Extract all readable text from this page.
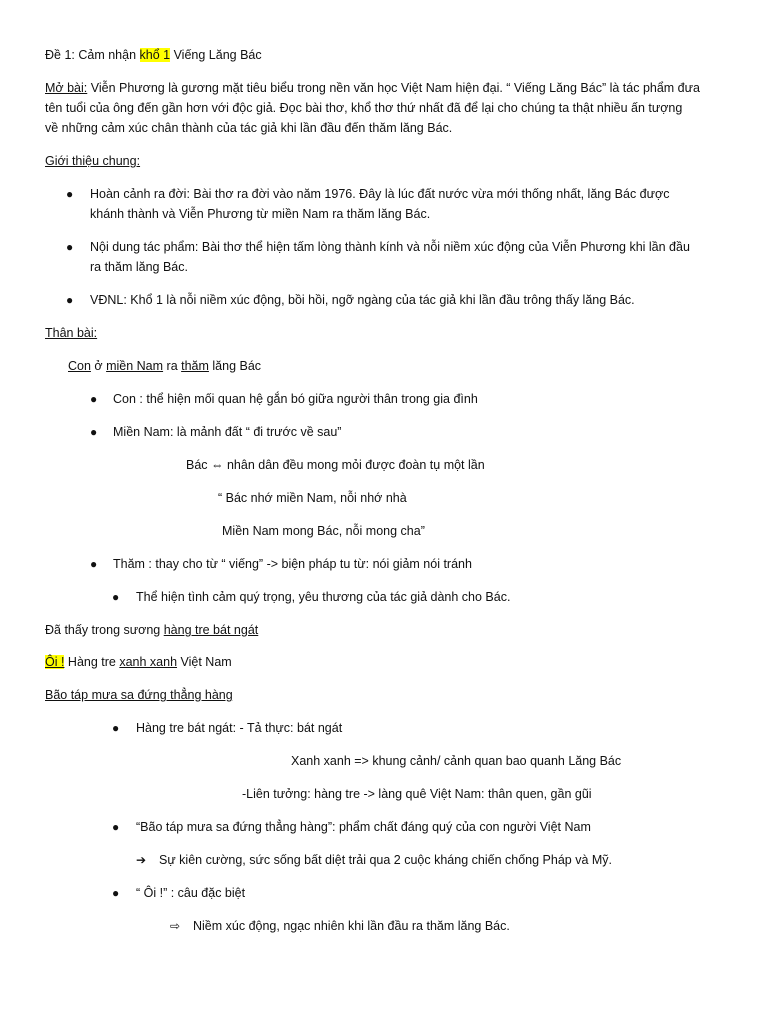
Đề 1: Cảm nhận khổ 1 Viếng Lăng Bác
Mở bài: Viễn Phương là gương mặt tiêu biểu trong nền văn học Việt Nam hiện đại. “ Viếng Lăng Bác” là tác phẩm đưa
tên tuổi của ông đến gần hơn với độc giả. Đọc bài thơ, khổ thơ thứ nhất đã để lại cho chúng ta thật nhiều ấn tượng
về những cảm xúc chân thành của tác giả khi lần đầu đến thăm lăng Bác.
Giới thiệu chung:
● Hoàn cảnh ra đời: Bài thơ ra đời vào năm 1976. Đây là lúc đất nước vừa mới thống nhất, lăng Bác được
khánh thành và Viễn Phương từ miền Nam ra thăm lăng Bác.
● Nội dung tác phẩm: Bài thơ thể hiện tấm lòng thành kính và nỗi niềm xúc động của Viễn Phương khi lần đầu
ra thăm lăng Bác.
● VĐNL: Khổ 1 là nỗi niềm xúc động, bồi hồi, ngỡ ngàng của tác giả khi lần đầu trông thấy lăng Bác.
Thân bài:
Con ở miền Nam ra thăm lăng Bác
● Con : thể hiện mối quan hệ gắn bó giữa người thân trong gia đình
● Miền Nam: là mảnh đất “ đi trước về sau”
Bác ⇔ nhân dân đều mong mỏi được đoàn tụ một lần
“ Bác nhớ miền Nam, nỗi nhớ nhà
Miền Nam mong Bác, nỗi mong cha”
● Thăm : thay cho từ “ viếng” -> biện pháp tu từ: nói giảm nói tránh
● Thể hiện tình cảm quý trọng, yêu thương của tác giả dành cho Bác.
Đã thấy trong sương hàng tre bát ngát
Ôi ! Hàng tre xanh xanh Việt Nam
Bão táp mưa sa đứng thẳng hàng
● Hàng tre bát ngát: - Tả thực: bát ngát
Xanh xanh => khung cảnh/ cảnh quan bao quanh Lăng Bác
-Liên tưởng: hàng tre -> làng quê Việt Nam: thân quen, gần gũi
● “Bão táp mưa sa đứng thẳng hàng”: phẩm chất đáng quý của con người Việt Nam
➔ Sự kiên cường, sức sống bất diệt trải qua 2 cuộc kháng chiến chống Pháp và Mỹ.
● “ Ôi !” : câu đặc biệt
⇨ Niềm xúc động, ngạc nhiên khi lần đầu ra thăm lăng Bác.
